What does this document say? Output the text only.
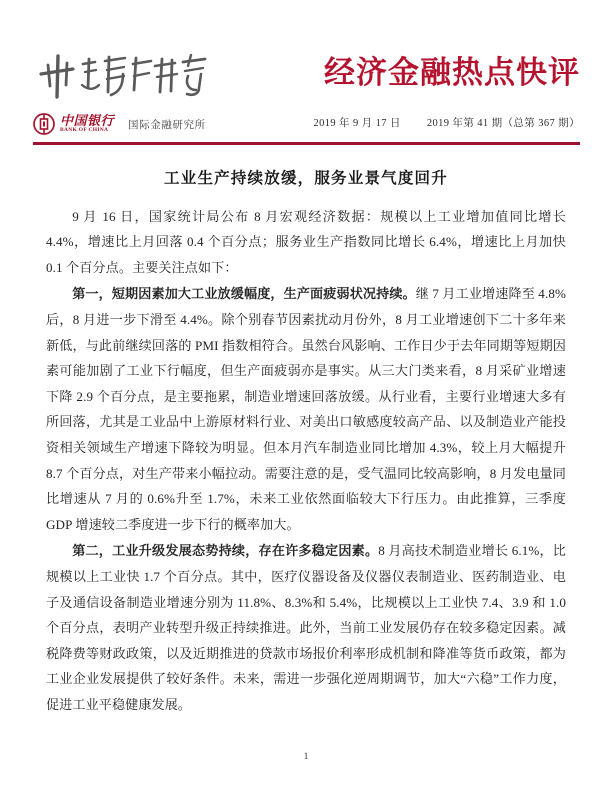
经济金融热点快评
中国银行
BANK OF CHINA	国际金融研究所	2019 年 9 月 17 日 2019 年第 41 期（总第 367 期）
工业生产持续放缓，服务业景气度回升

9 月 16 日，国家统计局公布 8 月宏观经济数据：规模以上工业增加值同比增长 4.4%，增速比上月回落 0.4 个百分点；服务业生产指数同比增长 6.4%，增速比上月加快 0.1 个百分点。主要关注点如下：

第一，短期因素加大工业放缓幅度，生产面疲弱状况持续。继 7 月工业增速降至 4.8%后，8 月进一步下滑至 4.4%。除个别春节因素扰动月份外，8 月工业增速创下二十多年来新低，与此前继续回落的 PMI 指数相符合。虽然台风影响、工作日少于去年同期等短期因素可能加剧了工业下行幅度，但生产面疲弱亦是事实。从三大门类来看，8 月采矿业增速下降 2.9 个百分点，是主要拖累，制造业增速回落放缓。从行业看，主要行业增速大多有所回落，尤其是工业品中上游原材料行业、对美出口敏感度较高产品、以及制造业产能投资相关领域生产增速下降较为明显。但本月汽车制造业同比增加 4.3%，较上月大幅提升 8.7 个百分点，对生产带来小幅拉动。需要注意的是，受气温同比较高影响，8 月发电量同比增速从 7 月的 0.6%升至 1.7%，未来工业依然面临较大下行压力。由此推算，三季度 GDP 增速较二季度进一步下行的概率加大。

第二，工业升级发展态势持续，存在许多稳定因素。8 月高技术制造业增长 6.1%，比规模以上工业快 1.7 个百分点。其中，医疗仪器设备及仪器仪表制造业、医药制造业、电子及通信设备制造业增速分别为 11.8%、8.3%和 5.4%，比规模以上工业快 7.4、3.9 和 1.0 个百分点，表明产业转型升级正持续推进。此外，当前工业发展仍存在较多稳定因素。减税降费等财政政策，以及近期推进的贷款市场报价利率形成机制和降准等货币政策，都为工业企业发展提供了较好条件。未来，需进一步强化逆周期调节，加大“六稳”工作力度，促进工业平稳健康发展。

1
